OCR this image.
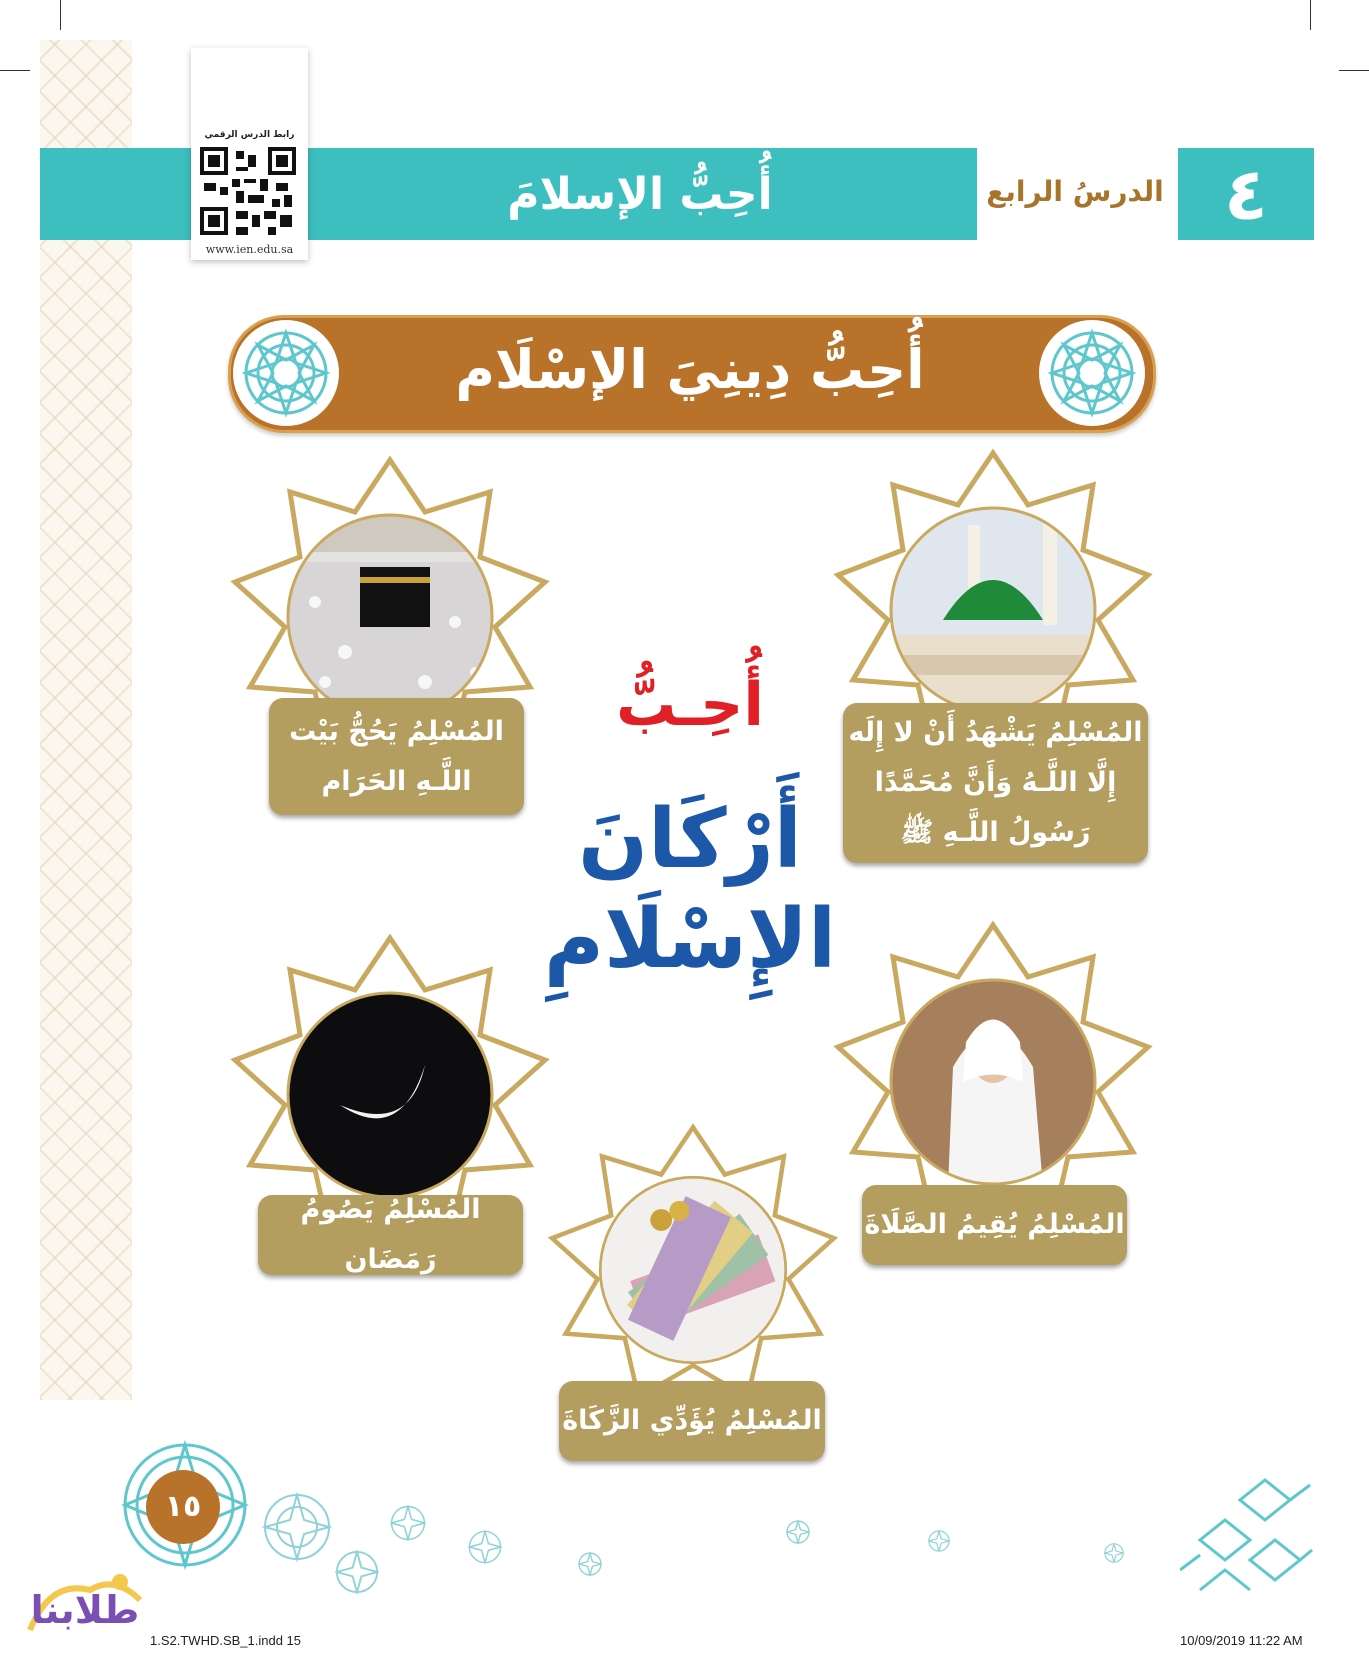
أُحِبُّ الإسلامَ	الدرسُ الرابع ٤
رابط الدرس الرقمي
www.ien.edu.sa
أُحِبُّ دِينِيَ الإسْلَام
أُحِـبُّ
أَرْكَانَ
الإِسْلَامِ
المُسْلِمُ يَشْهَدُ أَنْ لا إِلَه
إِلَّا اللَّـهُ وَأَنَّ مُحَمَّدًا
رَسُولُ اللَّـهِ ﷺ
المُسْلِمُ يَحُجُّ بَيْت
اللَّـهِ الحَرَام
المُسْلِمُ يُقِيمُ الصَّلَاةَ
المُسْلِمُ يَصُومُ رَمَضَان
المُسْلِمُ يُؤَدِّي الزَّكَاةَ
١٥
طلابنا
1.S2.TWHD.SB_1.indd 15	10/09/2019 11:22 AM
